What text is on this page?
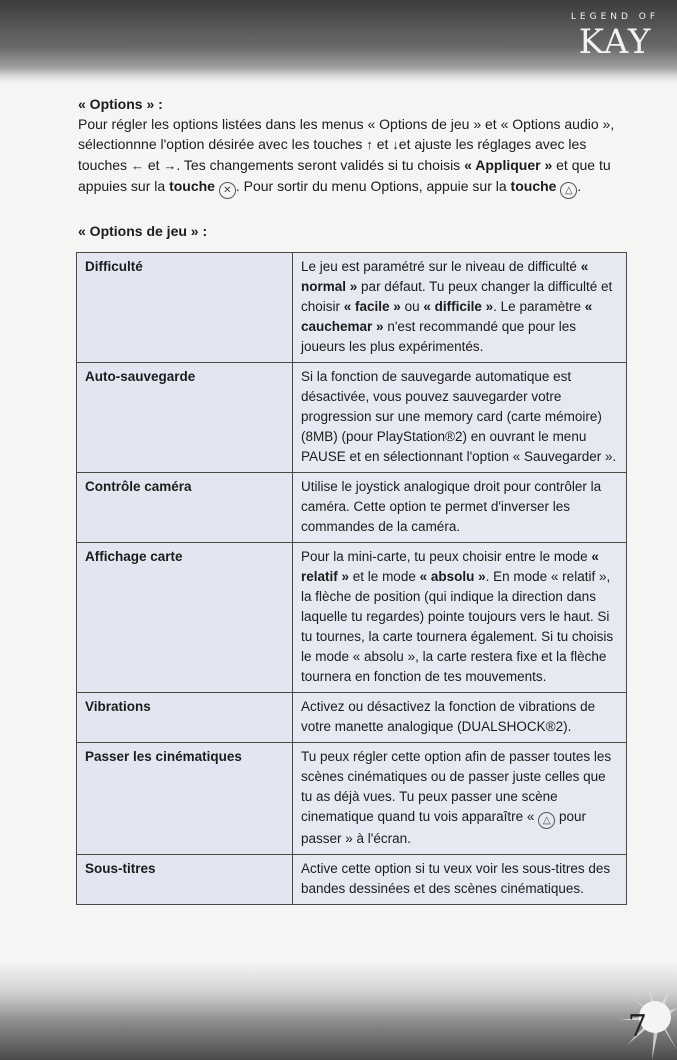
LEGEND OF
KAY

« Options » :

Pour régler les options listées dans les menus « Options de jeu » et « Options audio », sélectionnne l'option désirée avec les touches ↑ et ↓et ajuste les réglages avec les touches ← et →. Tes changements seront validés si tu choisis « Appliquer » et que tu appuies sur la touche ✕ . Pour sortir du menu Options, appuie sur la touche △ .

« Options de jeu » :

Difficulté	Le jeu est paramétré sur le niveau de difficulté « normal » par défaut. Tu peux changer la difficulté et choisir « facile » ou « difficile ». Le paramètre « cauchemar » n'est recommandé que pour les joueurs les plus expérimentés.
Auto-sauvegarde	Si la fonction de sauvegarde automatique est désactivée, vous pouvez sauvegarder votre progression sur une memory card (carte mémoire) (8MB) (pour PlayStation®2) en ouvrant le menu PAUSE et en sélectionnant l'option « Sauvegarder ».
Contrôle caméra	Utilise le joystick analogique droit pour contrôler la caméra. Cette option te permet d'inverser les commandes de la caméra.
Affichage carte	Pour la mini-carte, tu peux choisir entre le mode « relatif » et le mode « absolu ». En mode « relatif », la flèche de position (qui indique la direction dans laquelle tu regardes) pointe toujours vers le haut. Si tu tournes, la carte tournera également. Si tu choisis le mode « absolu », la carte restera fixe et la flèche tournera en fonction de tes mouvements.
Vibrations	Activez ou désactivez la fonction de vibrations de votre manette analogique (DUALSHOCK®2).
Passer les cinématiques	Tu peux régler cette option afin de passer toutes les scènes cinématiques ou de passer juste celles que tu as déjà vues. Tu peux passer une scène cinematique quand tu vois apparaître « △ pour passer » à l'écran.
Sous-titres	Active cette option si tu veux voir les sous-titres des bandes dessinées et des scènes cinématiques.
7
